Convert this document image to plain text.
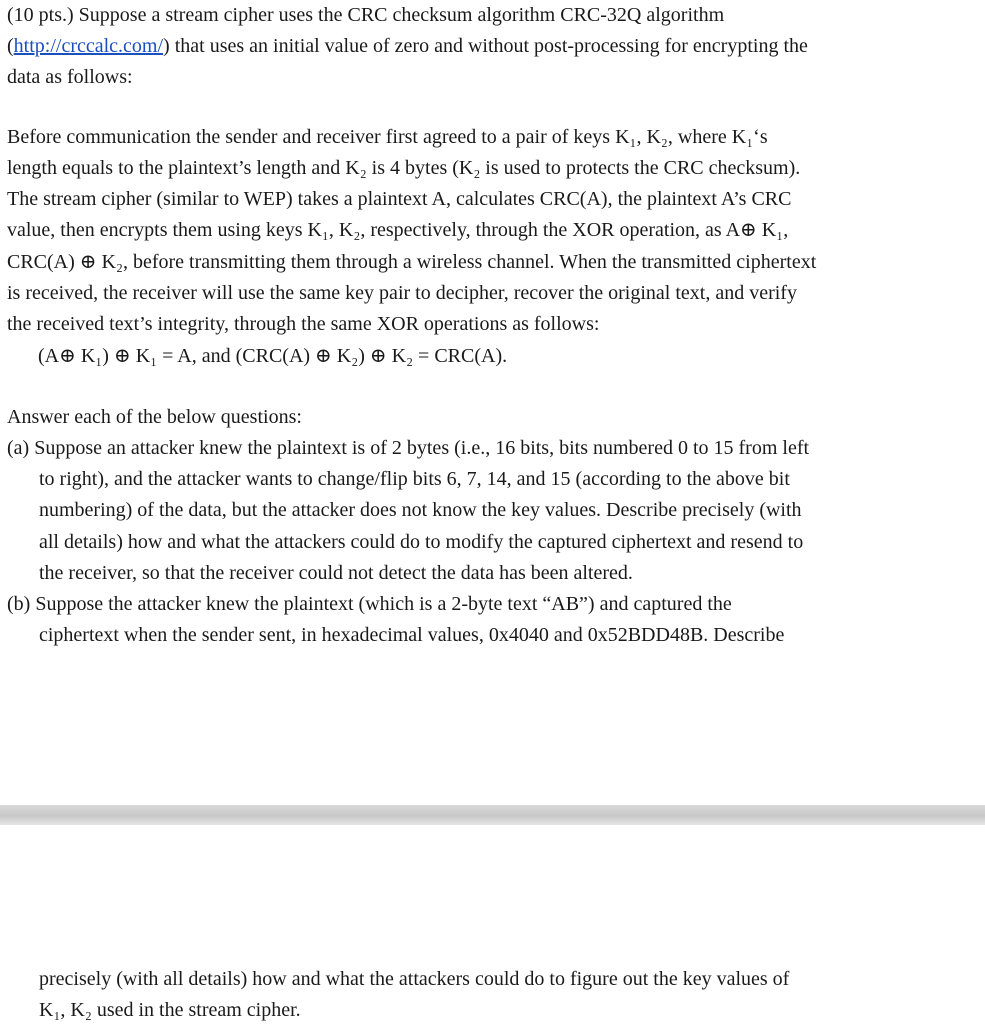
(10 pts.) Suppose a stream cipher uses the CRC checksum algorithm CRC-32Q algorithm
(http://crccalc.com/) that uses an initial value of zero and without post-processing for encrypting the
data as follows:
Before communication the sender and receiver first agreed to a pair of keys K₁, K₂, where K₁‘s
length equals to the plaintext’s length and K₂ is 4 bytes (K₂ is used to protects the CRC checksum).
The stream cipher (similar to WEP) takes a plaintext A, calculates CRC(A), the plaintext A’s CRC
value, then encrypts them using keys K₁, K₂, respectively, through the XOR operation, as A⊕ K₁,
CRC(A) ⊕ K₂, before transmitting them through a wireless channel. When the transmitted ciphertext
is received, the receiver will use the same key pair to decipher, recover the original text, and verify
the received text’s integrity, through the same XOR operations as follows:
(A⊕ K₁) ⊕ K₁ = A, and (CRC(A) ⊕ K₂) ⊕ K₂ = CRC(A).
Answer each of the below questions:
(a) Suppose an attacker knew the plaintext is of 2 bytes (i.e., 16 bits, bits numbered 0 to 15 from left
to right), and the attacker wants to change/flip bits 6, 7, 14, and 15 (according to the above bit
numbering) of the data, but the attacker does not know the key values. Describe precisely (with
all details) how and what the attackers could do to modify the captured ciphertext and resend to
the receiver, so that the receiver could not detect the data has been altered.
(b) Suppose the attacker knew the plaintext (which is a 2-byte text “AB”) and captured the
ciphertext when the sender sent, in hexadecimal values, 0x4040 and 0x52BDD48B. Describe
precisely (with all details) how and what the attackers could do to figure out the key values of
K₁, K₂ used in the stream cipher.
